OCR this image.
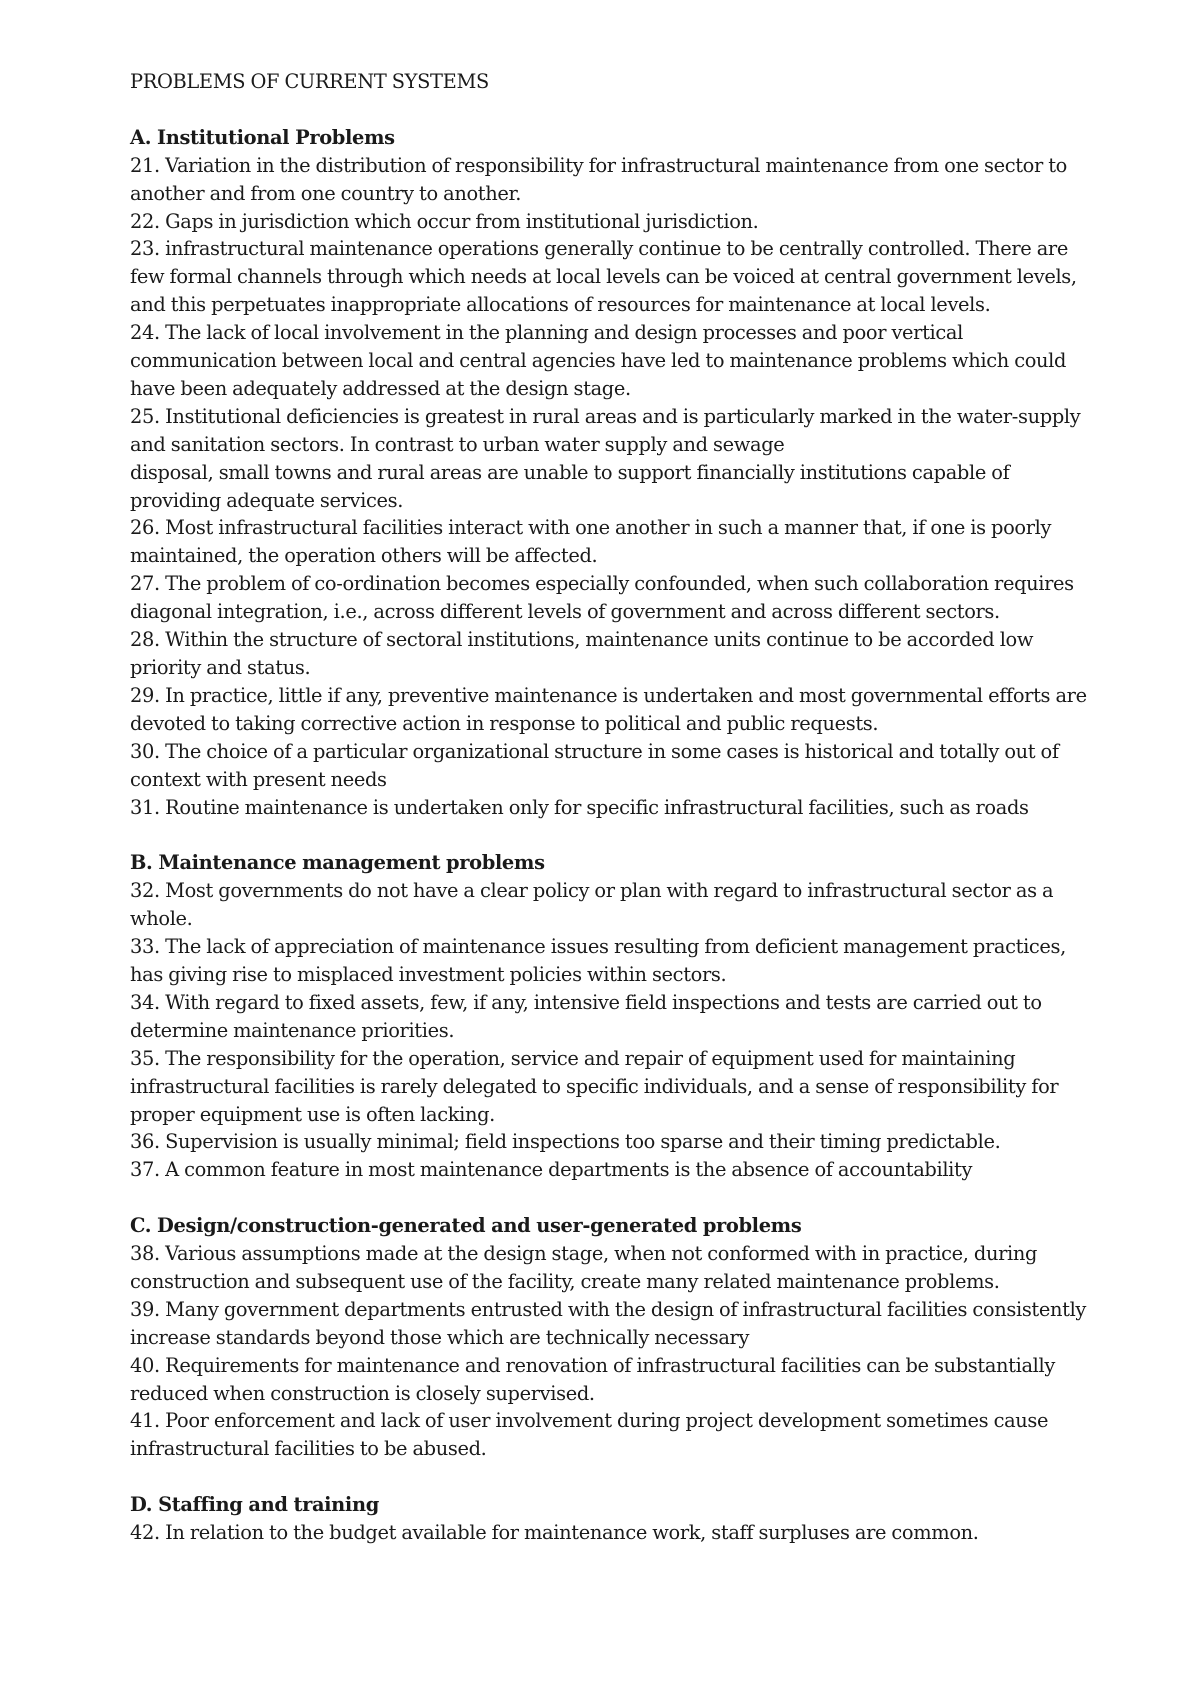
PROBLEMS OF CURRENT SYSTEMS

A. Institutional Problems

21. Variation in the distribution of responsibility for infrastructural maintenance from one sector to another and from one country to another.

22. Gaps in jurisdiction which occur from institutional jurisdiction.

23. infrastructural maintenance operations generally continue to be centrally controlled. There are few formal channels through which needs at local levels can be voiced at central government levels, and this perpetuates inappropriate allocations of resources for maintenance at local levels.

24. The lack of local involvement in the planning and design processes and poor vertical communication between local and central agencies have led to maintenance problems which could have been adequately addressed at the design stage.

25. Institutional deficiencies is greatest in rural areas and is particularly marked in the water-supply and sanitation sectors. In contrast to urban water supply and sewage

disposal, small towns and rural areas are unable to support financially institutions capable of providing adequate services.

26. Most infrastructural facilities interact with one another in such a manner that, if one is poorly maintained, the operation others will be affected.

27. The problem of co-ordination becomes especially confounded, when such collaboration requires diagonal integration, i.e., across different levels of government and across different sectors.

28. Within the structure of sectoral institutions, maintenance units continue to be accorded low priority and status.

29. In practice, little if any, preventive maintenance is undertaken and most governmental efforts are devoted to taking corrective action in response to political and public requests.

30. The choice of a particular organizational structure in some cases is historical and totally out of context with present needs

31. Routine maintenance is undertaken only for specific infrastructural facilities, such as roads

B. Maintenance management problems

32. Most governments do not have a clear policy or plan with regard to infrastructural sector as a whole.

33. The lack of appreciation of maintenance issues resulting from deficient management practices, has giving rise to misplaced investment policies within sectors.

34. With regard to fixed assets, few, if any, intensive field inspections and tests are carried out to determine maintenance priorities.

35. The responsibility for the operation, service and repair of equipment used for maintaining infrastructural facilities is rarely delegated to specific individuals, and a sense of responsibility for proper equipment use is often lacking.

36. Supervision is usually minimal; field inspections too sparse and their timing predictable.

37. A common feature in most maintenance departments is the absence of accountability

C. Design/construction-generated and user-generated problems

38. Various assumptions made at the design stage, when not conformed with in practice, during construction and subsequent use of the facility, create many related maintenance problems.

39. Many government departments entrusted with the design of infrastructural facilities consistently increase standards beyond those which are technically necessary

40. Requirements for maintenance and renovation of infrastructural facilities can be substantially reduced when construction is closely supervised.

41. Poor enforcement and lack of user involvement during project development sometimes cause infrastructural facilities to be abused.

D. Staffing and training

42. In relation to the budget available for maintenance work, staff surpluses are common.
